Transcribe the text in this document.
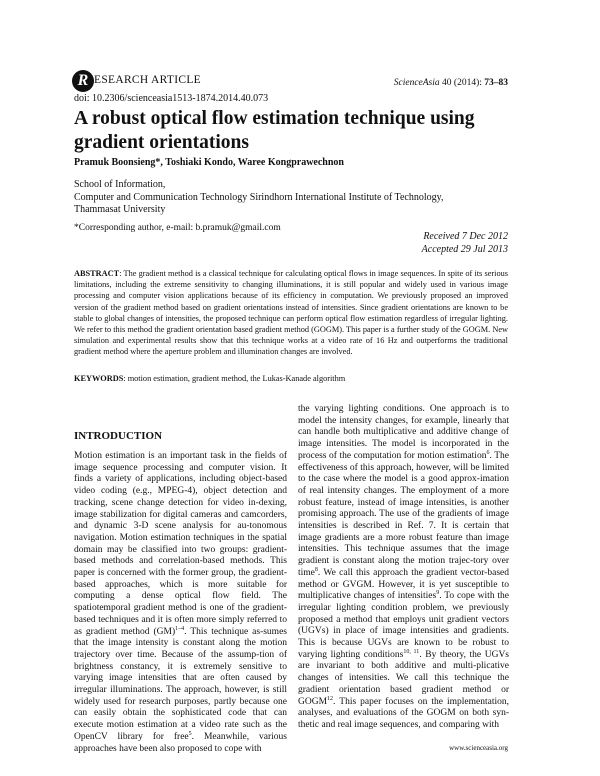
R ESEARCH ARTICLE
doi: 10.2306/scienceasia1513-1874.2014.40.073
ScienceAsia 40 (2014): 73–83
A robust optical flow estimation technique using gradient orientations
Pramuk Boonsieng*, Toshiaki Kondo, Waree Kongprawechnon
School of Information,
Computer and Communication Technology Sirindhorn International Institute of Technology,
Thammasat University
*Corresponding author, e-mail: b.pramuk@gmail.com
Received 7 Dec 2012
Accepted 29 Jul 2013
ABSTRACT: The gradient method is a classical technique for calculating optical flows in image sequences. In spite of its serious limitations, including the extreme sensitivity to changing illuminations, it is still popular and widely used in various image processing and computer vision applications because of its efficiency in computation. We previously proposed an improved version of the gradient method based on gradient orientations instead of intensities. Since gradient orientations are known to be stable to global changes of intensities, the proposed technique can perform optical flow estimation regardless of irregular lighting. We refer to this method the gradient orientation based gradient method (GOGM). This paper is a further study of the GOGM. New simulation and experimental results show that this technique works at a video rate of 16 Hz and outperforms the traditional gradient method where the aperture problem and illumination changes are involved.
KEYWORDS: motion estimation, gradient method, the Lukas-Kanade algorithm
INTRODUCTION
Motion estimation is an important task in the fields of image sequence processing and computer vision. It finds a variety of applications, including object-based video coding (e.g., MPEG-4), object detection and tracking, scene change detection for video in-dexing, image stabilization for digital cameras and camcorders, and dynamic 3-D scene analysis for au-tonomous navigation. Motion estimation techniques in the spatial domain may be classified into two groups: gradient-based methods and correlation-based methods. This paper is concerned with the former group, the gradient-based approaches, which is more suitable for computing a dense optical flow field. The spatiotemporal gradient method is one of the gradient-based techniques and it is often more simply referred to as gradient method (GM)$^{1-4}$. This technique as-sumes that the image intensity is constant along the motion trajectory over time. Because of the assump-tion of brightness constancy, it is extremely sensitive to varying image intensities that are often caused by irregular illuminations. The approach, however, is still widely used for research purposes, partly because one can easily obtain the sophisticated code that can execute motion estimation at a video rate such as the OpenCV library for free$^5$. Meanwhile, various approaches have been also proposed to cope with
the varying lighting conditions. One approach is to model the intensity changes, for example, linearly that can handle both multiplicative and additive change of image intensities. The model is incorporated in the process of the computation for motion estimation$^6$. The effectiveness of this approach, however, will be limited to the case where the model is a good approx-imation of real intensity changes. The employment of a more robust feature, instead of image intensities, is another promising approach. The use of the gradients of image intensities is described in Ref. 7. It is certain that image gradients are a more robust feature than image intensities. This technique assumes that the image gradient is constant along the motion trajec-tory over time$^8$. We call this approach the gradient vector-based method or GVGM. However, it is yet susceptible to multiplicative changes of intensities$^9$. To cope with the irregular lighting condition problem, we previously proposed a method that employs unit gradient vectors (UGVs) in place of image intensities and gradients. This is because UGVs are known to be robust to varying lighting conditions$^{10, 11}$. By theory, the UGVs are invariant to both additive and multi-plicative changes of intensities. We call this technique the gradient orientation based gradient method or GOGM$^{12}$. This paper focuses on the implementation, analyses, and evaluations of the GOGM on both syn-thetic and real image sequences, and comparing with
www.scienceasia.org
